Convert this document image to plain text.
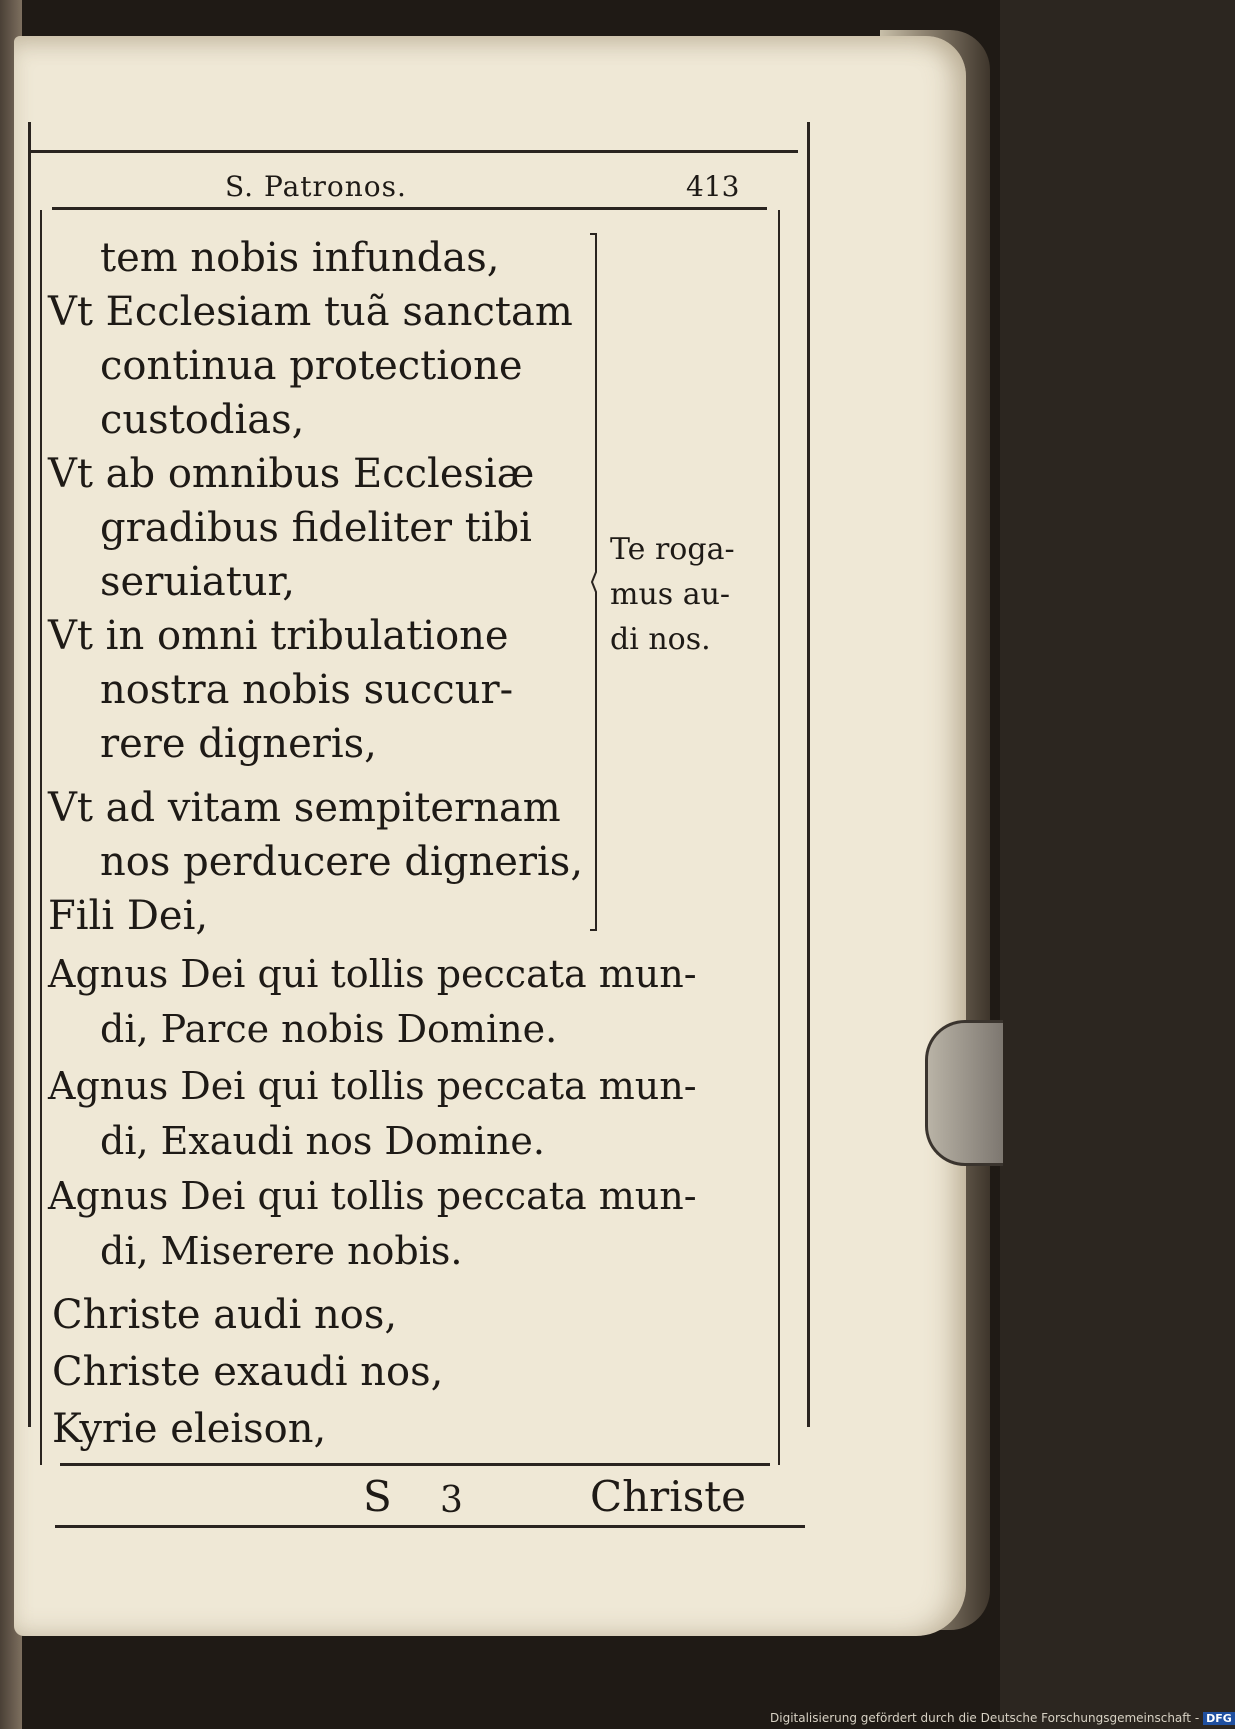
S. Patronos.	413
tem nobis infundas,
Vt Ecclesiam tuã sanctam
continua protectione
custodias,
Vt ab omnibus Ecclesiæ
gradibus fideliter tibi
seruiatur,
Vt in omni tribulatione
nostra nobis succur-
rere digneris,
Vt ad vitam sempiternam
nos perducere digneris,
Fili Dei,
Te roga-
mus au-
di nos.
Agnus Dei qui tollis peccata mun-
di, Parce nobis Domine.
Agnus Dei qui tollis peccata mun-
di, Exaudi nos Domine.
Agnus Dei qui tollis peccata mun-
di, Miserere nobis.
Christe audi nos,
Christe exaudi nos,
Kyrie eleison,
S 3	Christe
Digitalisierung gefördert durch die Deutsche Forschungsgemeinschaft - DFG
